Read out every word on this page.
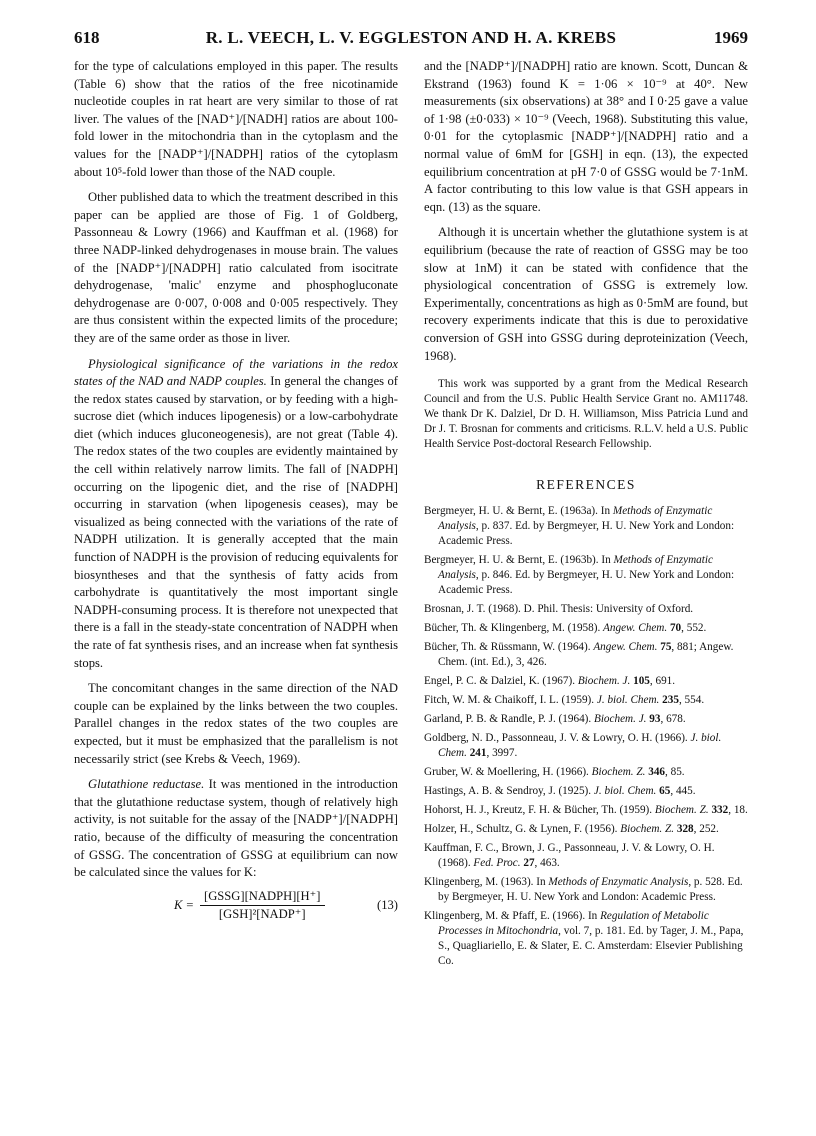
618	R. L. VEECH, L. V. EGGLESTON AND H. A. KREBS	1969

for the type of calculations employed in this paper. The results (Table 6) show that the ratios of the free nicotinamide nucleotide couples in rat heart are very similar to those of rat liver. The values of the [NAD⁺]/[NADH] ratios are about 100-fold lower in the mitochondria than in the cytoplasm and the values for the [NADP⁺]/[NADPH] ratios of the cytoplasm about 10⁵-fold lower than those of the NAD couple.

Other published data to which the treatment described in this paper can be applied are those of Fig. 1 of Goldberg, Passonneau & Lowry (1966) and Kauffman et al. (1968) for three NADP-linked dehydrogenases in mouse brain. The values of the [NADP⁺]/[NADPH] ratio calculated from isocitrate dehydrogenase, 'malic' enzyme and phosphogluconate dehydrogenase are 0·007, 0·008 and 0·005 respectively. They are thus consistent within the expected limits of the procedure; they are of the same order as those in liver.

Physiological significance of the variations in the redox states of the NAD and NADP couples. In general the changes of the redox states caused by starvation, or by feeding with a high-sucrose diet (which induces lipogenesis) or a low-carbohydrate diet (which induces gluconeogenesis), are not great (Table 4). The redox states of the two couples are evidently maintained by the cell within relatively narrow limits. The fall of [NADPH] occurring on the lipogenic diet, and the rise of [NADPH] occurring in starvation (when lipogenesis ceases), may be visualized as being connected with the variations of the rate of NADPH utilization. It is generally accepted that the main function of NADPH is the provision of reducing equivalents for biosyntheses and that the synthesis of fatty acids from carbohydrate is quantitatively the most important single NADPH-consuming process. It is therefore not unexpected that there is a fall in the steady-state concentration of NADPH when the rate of fat synthesis rises, and an increase when fat synthesis stops.

The concomitant changes in the same direction of the NAD couple can be explained by the links between the two couples. Parallel changes in the redox states of the two couples are expected, but it must be emphasized that the parallelism is not necessarily strict (see Krebs & Veech, 1969).

Glutathione reductase. It was mentioned in the introduction that the glutathione reductase system, though of relatively high activity, is not suitable for the assay of the [NADP⁺]/[NADPH] ratio, because of the difficulty of measuring the concentration of GSSG. The concentration of GSSG at equilibrium can now be calculated since the values for K:

$K = \frac{\text{[GSSG][NADPH][H⁺]}}{\text{[GSH]²[NADP⁺]}}$	(13)

and the [NADP⁺]/[NADPH] ratio are known. Scott, Duncan & Ekstrand (1963) found K = 1·06 × 10⁻⁹ at 40°. New measurements (six observations) at 38° and I 0·25 gave a value of 1·98 (±0·033) × 10⁻⁹ (Veech, 1968). Substituting this value, 0·01 for the cytoplasmic [NADP⁺]/[NADPH] ratio and a normal value of 6mM for [GSH] in eqn. (13), the expected equilibrium concentration at pH 7·0 of GSSG would be 7·1nM. A factor contributing to this low value is that GSH appears in eqn. (13) as the square.

Although it is uncertain whether the glutathione system is at equilibrium (because the rate of reaction of GSSG may be too slow at 1nM) it can be stated with confidence that the physiological concentration of GSSG is extremely low. Experimentally, concentrations as high as 0·5mM are found, but recovery experiments indicate that this is due to peroxidative conversion of GSH into GSSG during deproteinization (Veech, 1968).

This work was supported by a grant from the Medical Research Council and from the U.S. Public Health Service Grant no. AM11748. We thank Dr K. Dalziel, Dr D. H. Williamson, Miss Patricia Lund and Dr J. T. Brosnan for comments and criticisms. R.L.V. held a U.S. Public Health Service Post-doctoral Research Fellowship.

REFERENCES
Bergmeyer, H. U. & Bernt, E. (1963a). In Methods of Enzymatic Analysis, p. 837. Ed. by Bergmeyer, H. U. New York and London: Academic Press.
Bergmeyer, H. U. & Bernt, E. (1963b). In Methods of Enzymatic Analysis, p. 846. Ed. by Bergmeyer, H. U. New York and London: Academic Press.
Brosnan, J. T. (1968). D. Phil. Thesis: University of Oxford.
Bücher, Th. & Klingenberg, M. (1958). Angew. Chem. 70, 552.
Bücher, Th. & Rüssmann, W. (1964). Angew. Chem. 75, 881; Angew. Chem. (int. Ed.), 3, 426.
Engel, P. C. & Dalziel, K. (1967). Biochem. J. 105, 691.
Fitch, W. M. & Chaikoff, I. L. (1959). J. biol. Chem. 235, 554.
Garland, P. B. & Randle, P. J. (1964). Biochem. J. 93, 678.
Goldberg, N. D., Passonneau, J. V. & Lowry, O. H. (1966). J. biol. Chem. 241, 3997.
Gruber, W. & Moellering, H. (1966). Biochem. Z. 346, 85.
Hastings, A. B. & Sendroy, J. (1925). J. biol. Chem. 65, 445.
Hohorst, H. J., Kreutz, F. H. & Bücher, Th. (1959). Biochem. Z. 332, 18.
Holzer, H., Schultz, G. & Lynen, F. (1956). Biochem. Z. 328, 252.
Kauffman, F. C., Brown, J. G., Passonneau, J. V. & Lowry, O. H. (1968). Fed. Proc. 27, 463.
Klingenberg, M. (1963). In Methods of Enzymatic Analysis, p. 528. Ed. by Bergmeyer, H. U. New York and London: Academic Press.
Klingenberg, M. & Pfaff, E. (1966). In Regulation of Metabolic Processes in Mitochondria, vol. 7, p. 181. Ed. by Tager, J. M., Papa, S., Quagliariello, E. & Slater, E. C. Amsterdam: Elsevier Publishing Co.
